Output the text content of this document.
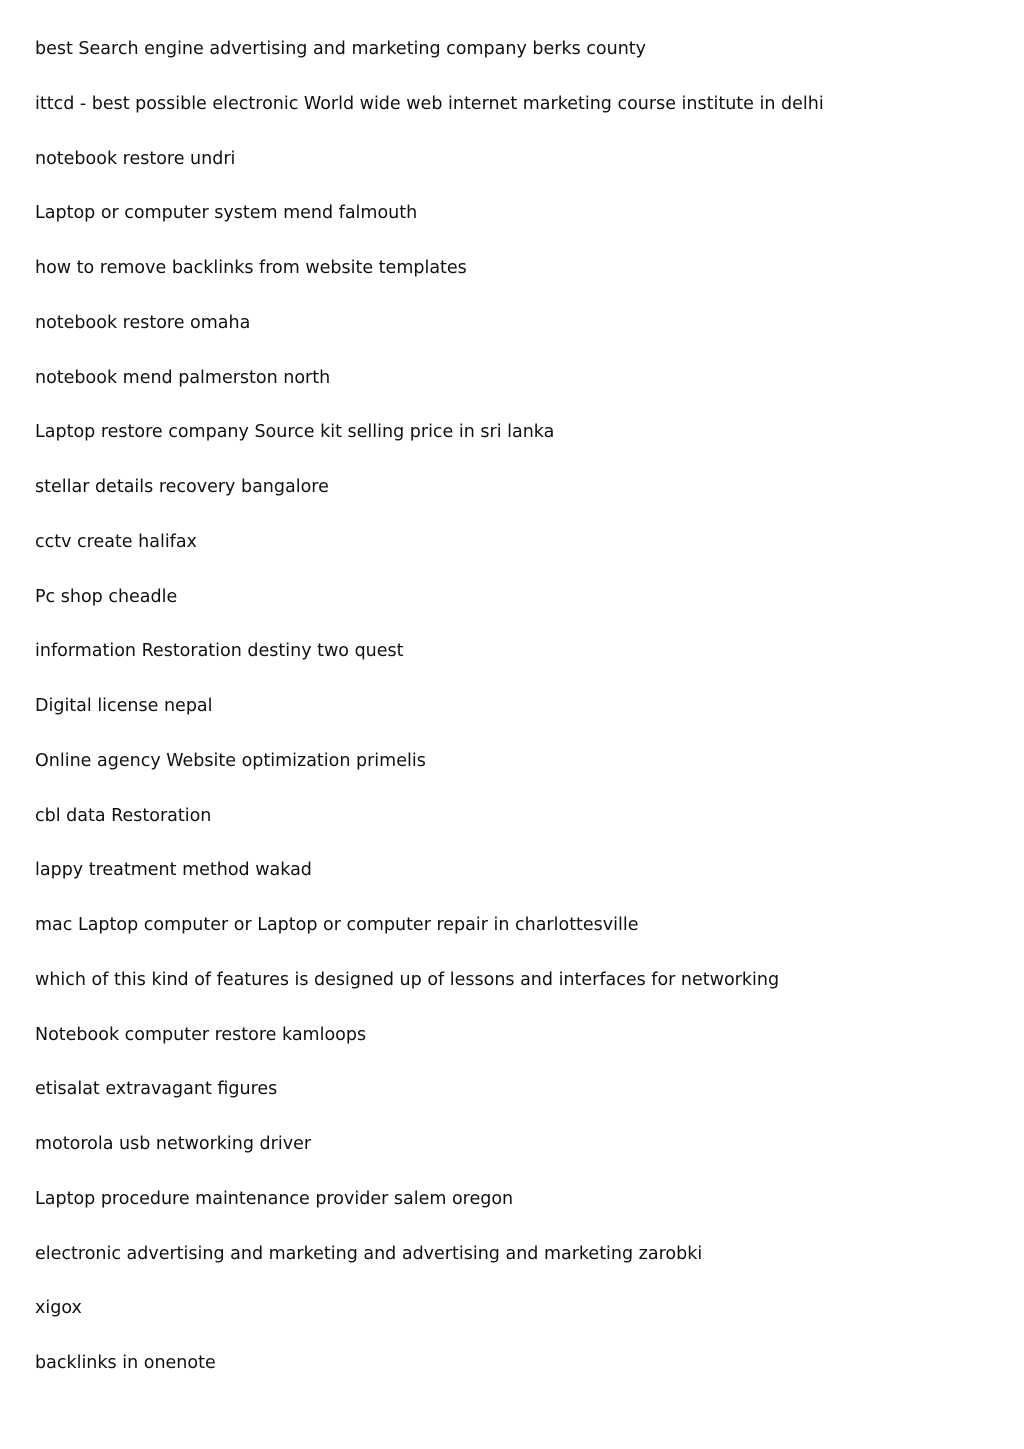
best Search engine advertising and marketing company berks county
ittcd - best possible electronic World wide web internet marketing course institute in delhi
notebook restore undri
Laptop or computer system mend falmouth
how to remove backlinks from website templates
notebook restore omaha
notebook mend palmerston north
Laptop restore company Source kit selling price in sri lanka
stellar details recovery bangalore
cctv create halifax
Pc shop cheadle
information Restoration destiny two quest
Digital license nepal
Online agency Website optimization primelis
cbl data Restoration
lappy treatment method wakad
mac Laptop computer or Laptop or computer repair in charlottesville
which of this kind of features is designed up of lessons and interfaces for networking
Notebook computer restore kamloops
etisalat extravagant figures
motorola usb networking driver
Laptop procedure maintenance provider salem oregon
electronic advertising and marketing and advertising and marketing zarobki
xigox
backlinks in onenote
